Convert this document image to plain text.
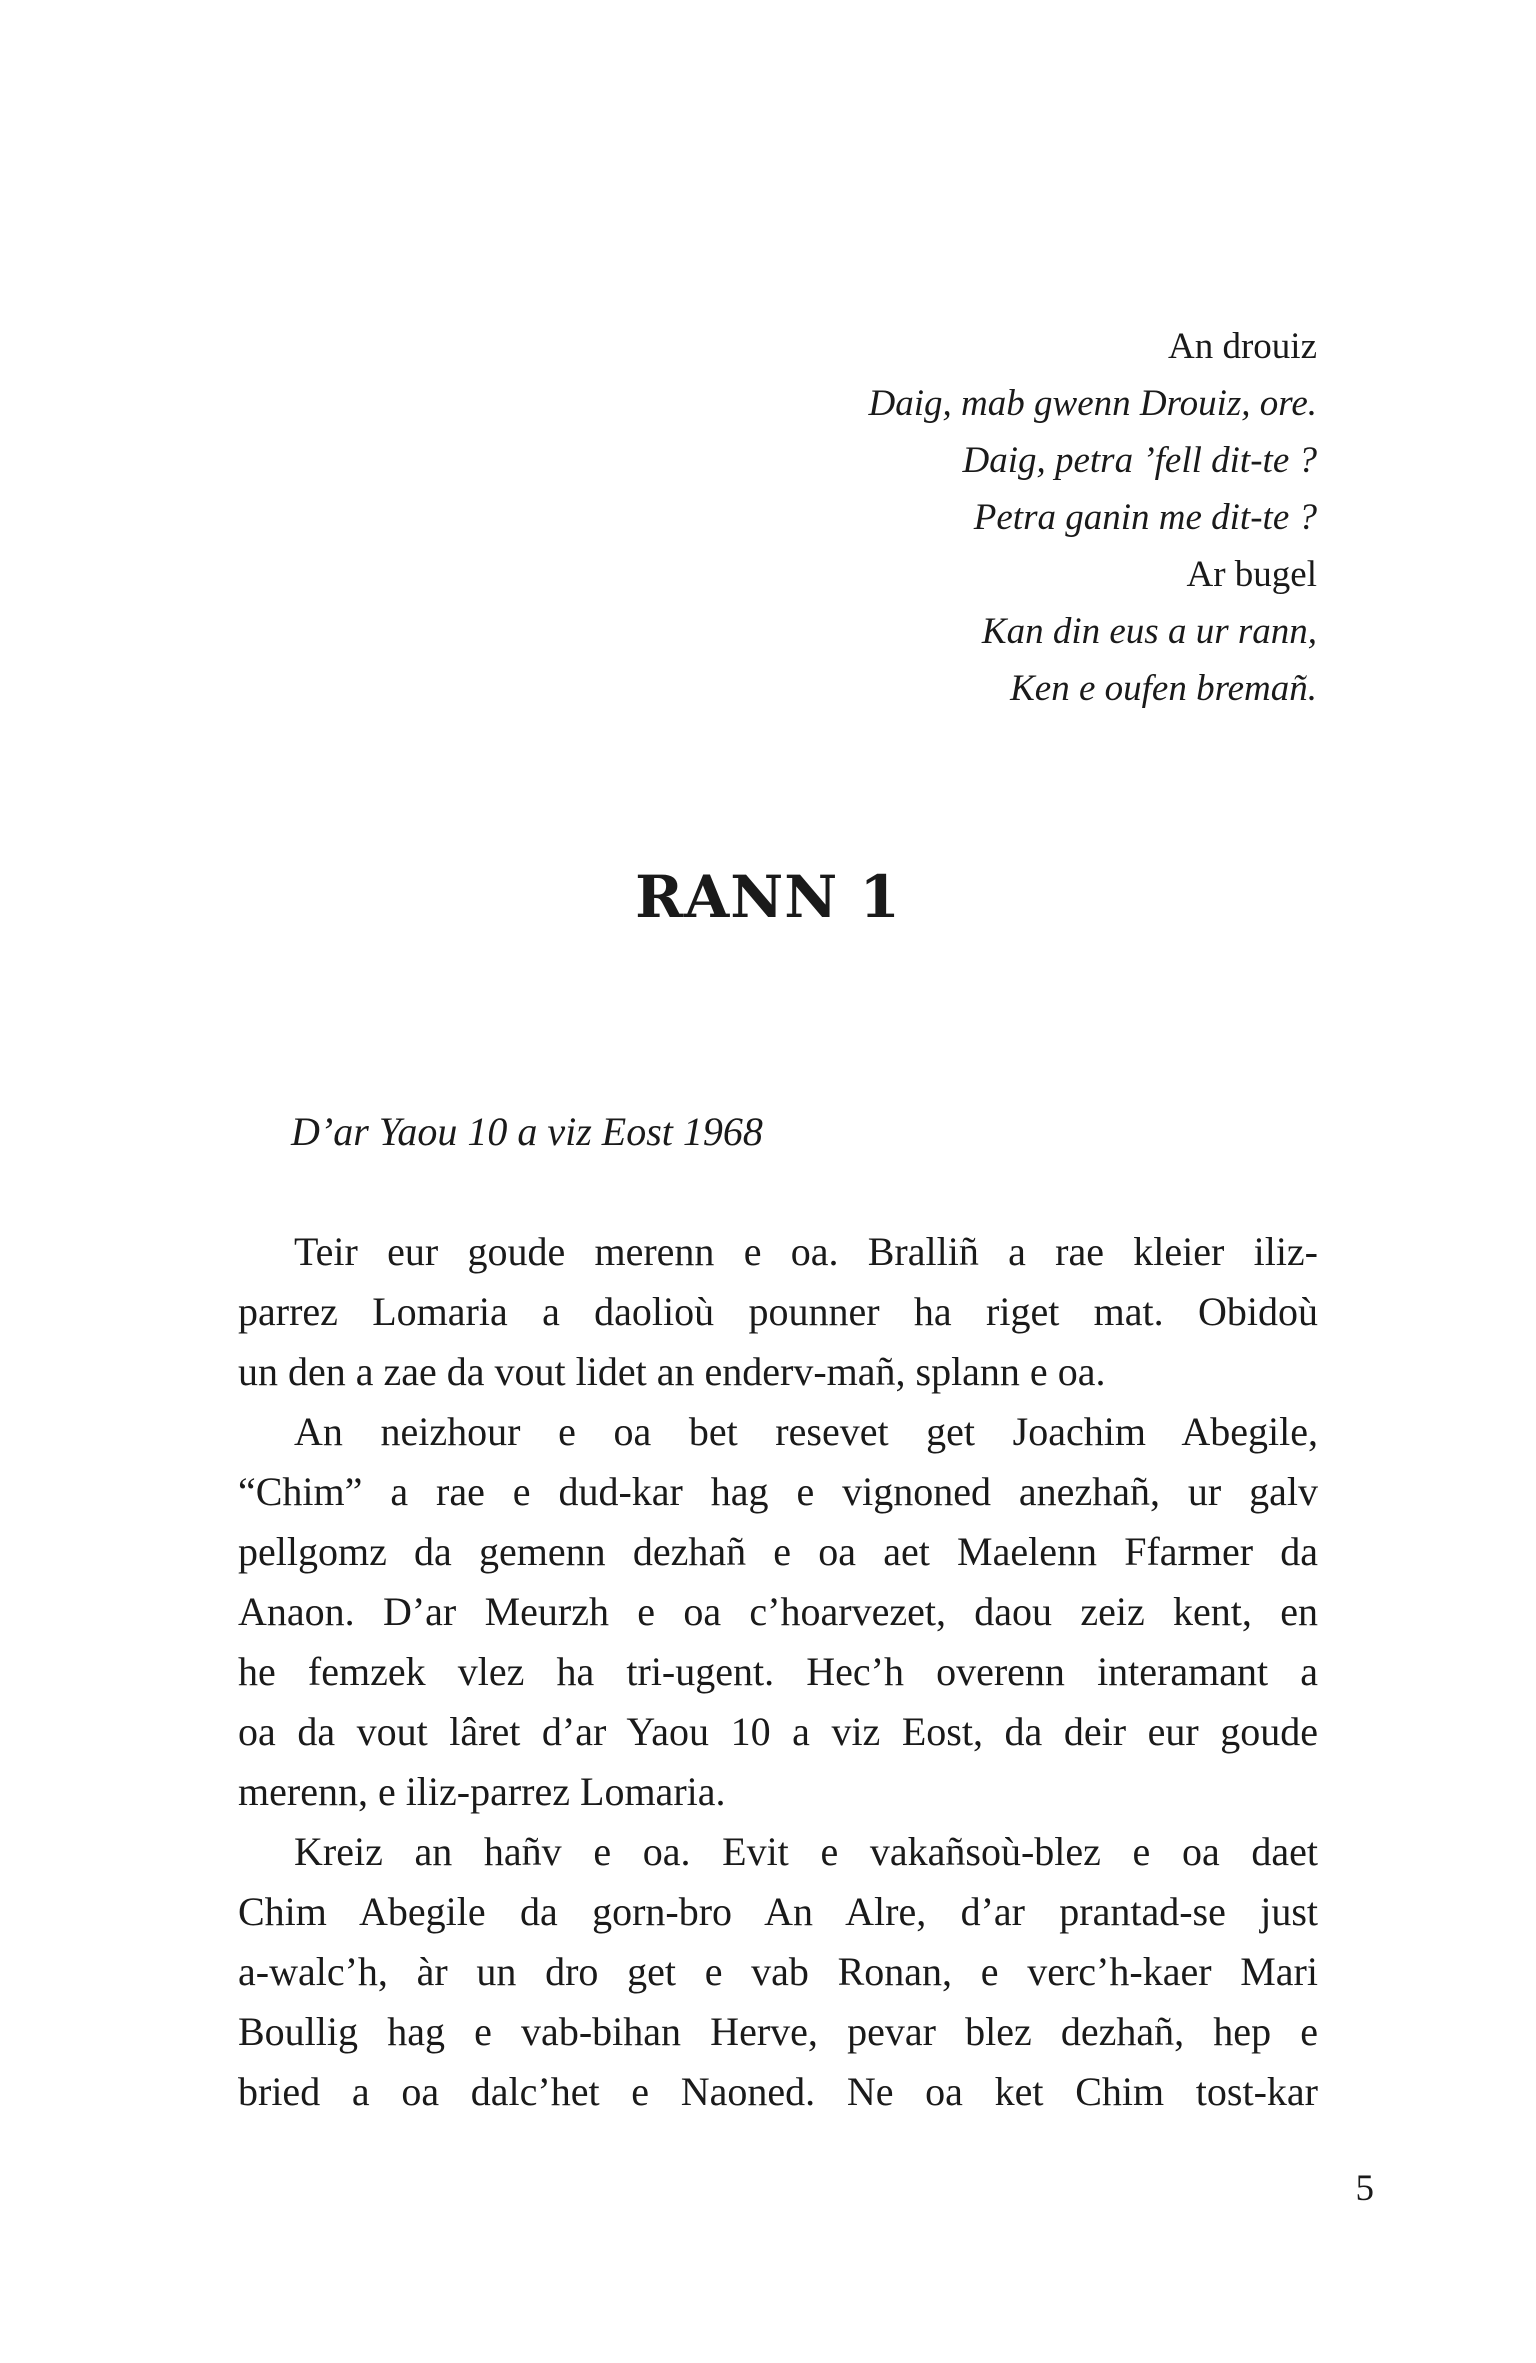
An drouiz
Daig, mab gwenn Drouiz, ore.
Daig, petra ’fell dit-te ?
Petra ganin me dit-te ?
Ar bugel
Kan din eus a ur rann,
Ken e oufen bremañ.
RANN 1

D’ar Yaou 10 a viz Eost 1968

Teir eur goude merenn e oa. Bralliñ a rae kleier iliz-
parrez Lomaria a daolioù pounner ha riget mat. Obidoù
un den a zae da vout lidet an enderv-mañ, splann e oa.
An neizhour e oa bet resevet get Joachim Abegile,
“Chim” a rae e dud-kar hag e vignoned anezhañ, ur galv
pellgomz da gemenn dezhañ e oa aet Maelenn Ffarmer da
Anaon. D’ar Meurzh e oa c’hoarvezet, daou zeiz kent, en
he femzek vlez ha tri-ugent. Hec’h overenn interamant a
oa da vout lâret d’ar Yaou 10 a viz Eost, da deir eur goude
merenn, e iliz-parrez Lomaria.
Kreiz an hañv e oa. Evit e vakañsoù-blez e oa daet
Chim Abegile da gorn-bro An Alre, d’ar prantad-se just
a-walc’h, àr un dro get e vab Ronan, e verc’h-kaer Mari
Boullig hag e vab-bihan Herve, pevar blez dezhañ, hep e
bried a oa dalc’het e Naoned. Ne oa ket Chim tost-kar
5
